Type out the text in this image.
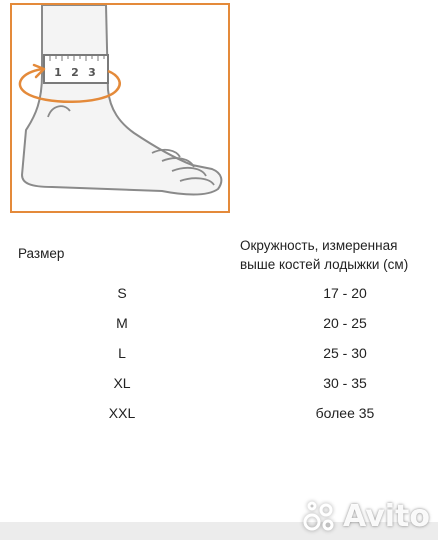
1 2 3
Размер
Окружность, измеренная
выше костей лодыжки (см)
S	17 - 20
M	20 - 25
L	25 - 30
XL	30 - 35
XXL	более 35
Avito
